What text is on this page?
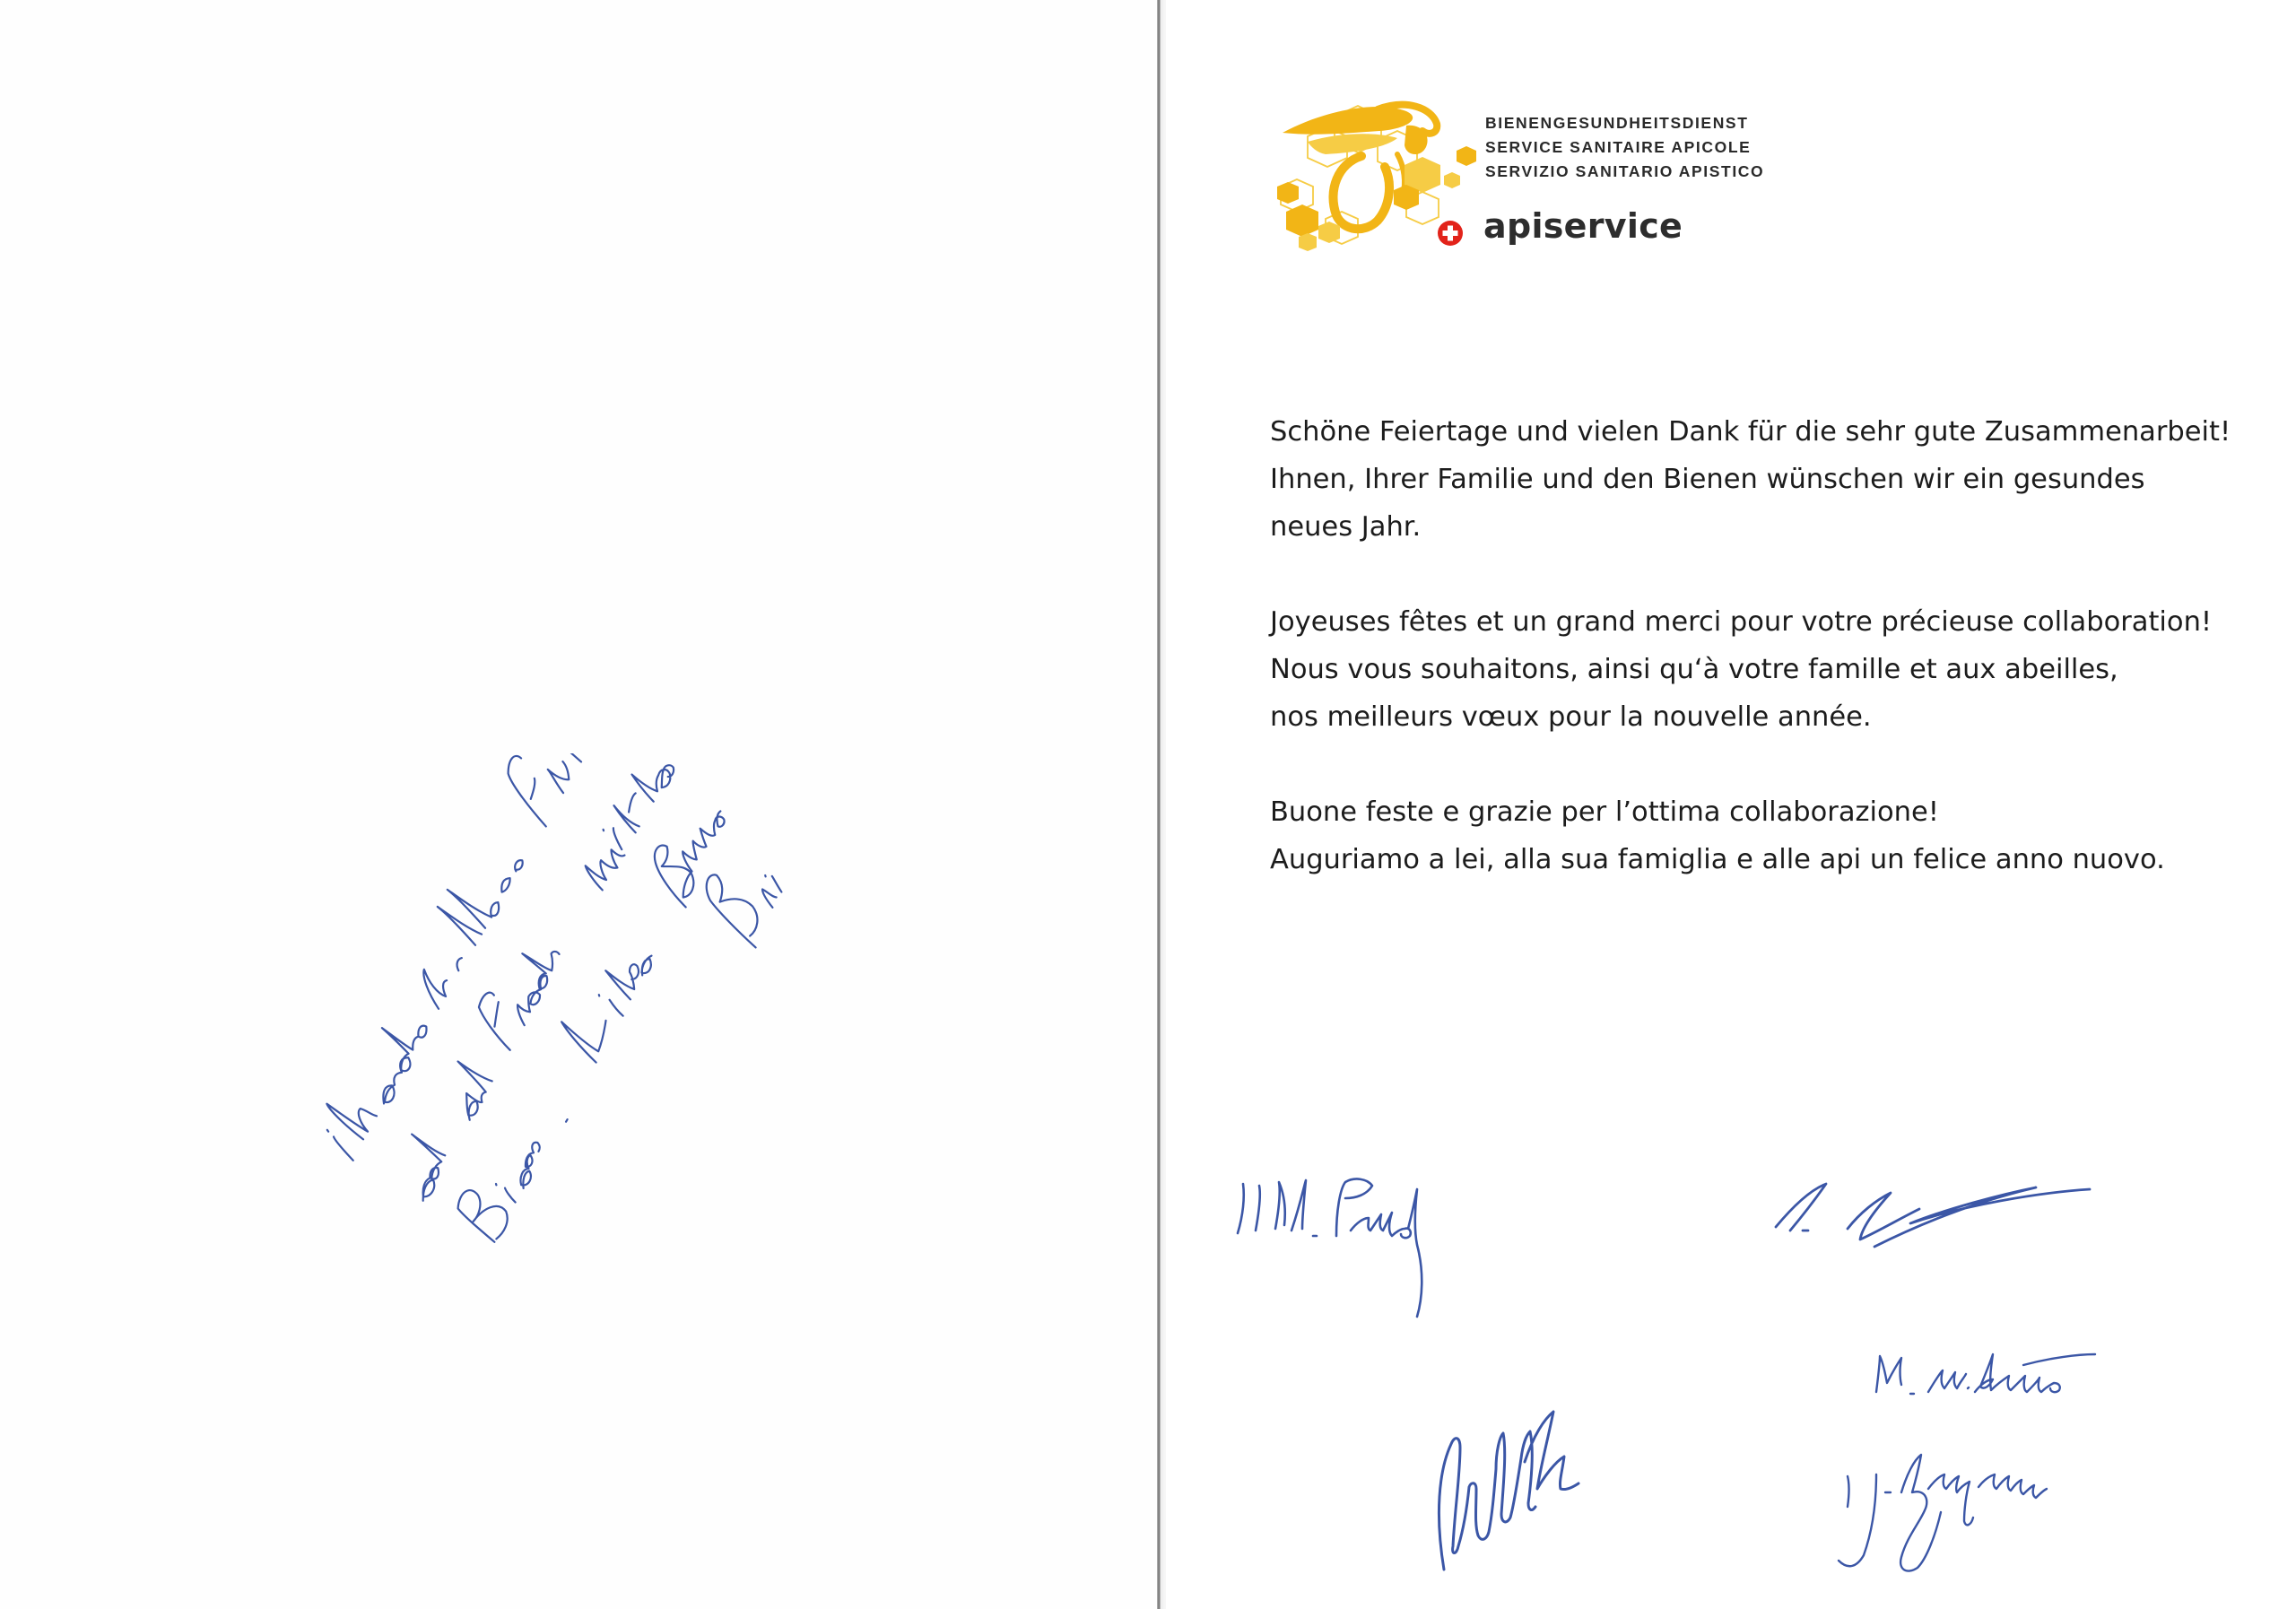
BIENENGESUNDHEITSDIENST
SERVICE SANITAIRE APICOLE
SERVIZIO SANITARIO APISTICO
apiservice

Schöne Feiertage und vielen Dank für die sehr gute Zusammenarbeit!
Ihnen, Ihrer Familie und den Bienen wünschen wir ein gesundes
neues Jahr.

Joyeuses fêtes et un grand merci pour votre précieuse collaboration!
Nous vous souhaitons, ainsi qu‘à votre famille et aux abeilles,
nos meilleurs vœux pour la nouvelle année.

Buone feste e grazie per l’ottima collaborazione!
Auguriamo a lei, alla sua famiglia e alle api un felice anno nuovo.
